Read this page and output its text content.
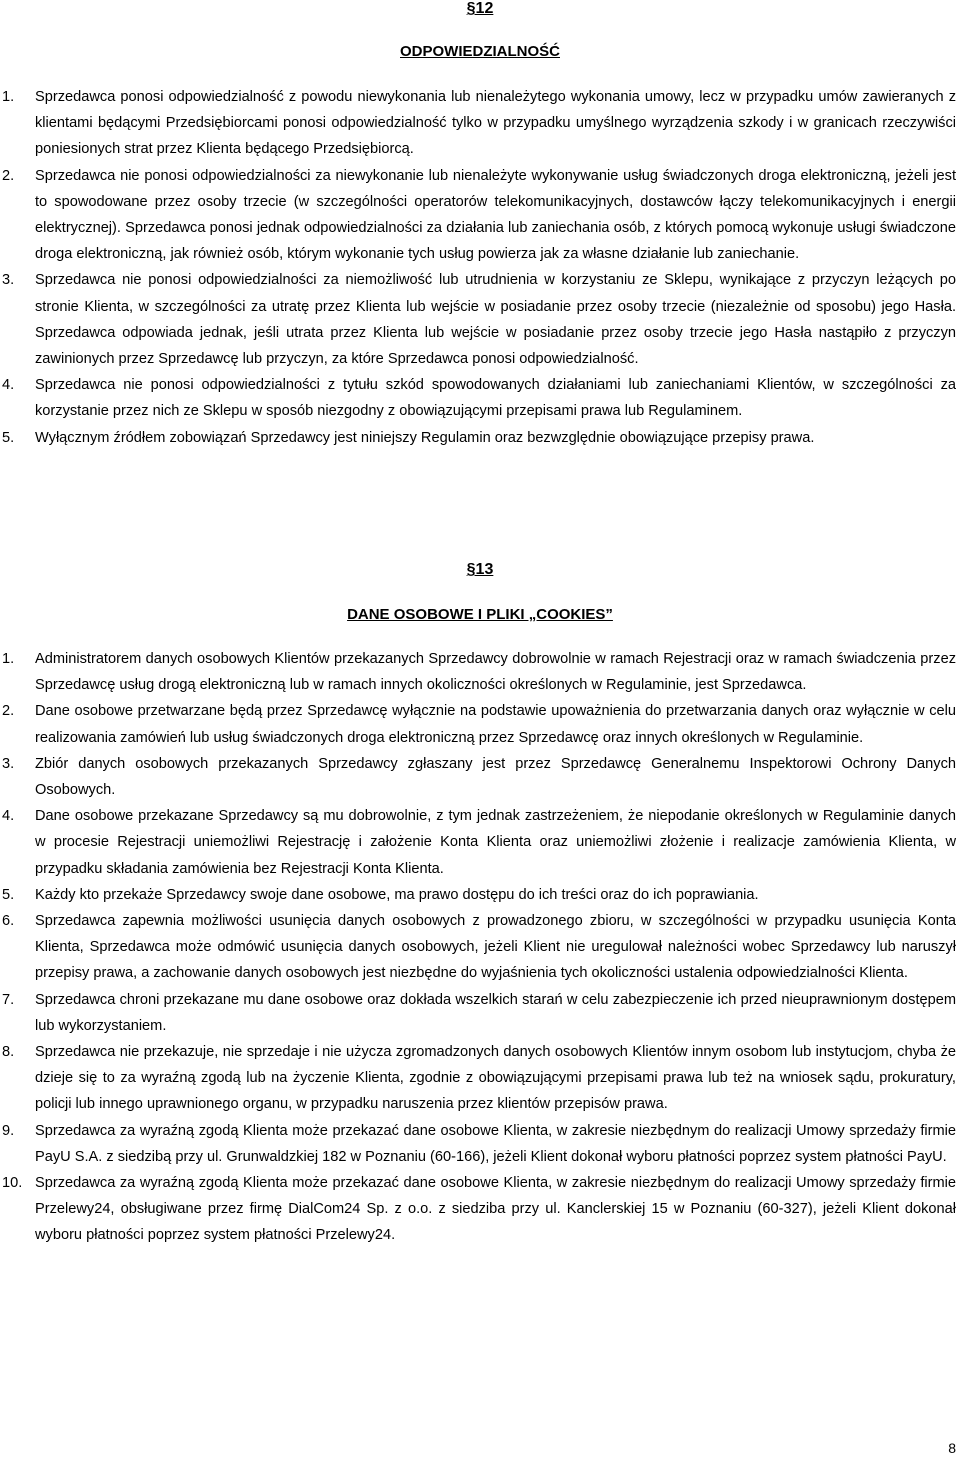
§12
ODPOWIEDZIALNOŚĆ
1. Sprzedawca ponosi odpowiedzialność z powodu niewykonania lub nienależytego wykonania umowy, lecz w przypadku umów zawieranych z klientami będącymi Przedsiębiorcami ponosi odpowiedzialność tylko w przypadku umyślnego wyrządzenia szkody i w granicach rzeczywiści poniesionych strat przez Klienta będącego Przedsiębiorcą.
2. Sprzedawca nie ponosi odpowiedzialności za niewykonanie lub nienależyte wykonywanie usług świadczonych droga elektroniczną, jeżeli jest to spowodowane przez osoby trzecie (w szczególności operatorów telekomunikacyjnych, dostawców łączy telekomunikacyjnych i energii elektrycznej). Sprzedawca ponosi jednak odpowiedzialności za działania lub zaniechania osób, z których pomocą wykonuje usługi świadczone droga elektroniczną, jak również osób, którym wykonanie tych usług powierza jak za własne działanie lub zaniechanie.
3. Sprzedawca nie ponosi odpowiedzialności za niemożliwość lub utrudnienia w korzystaniu ze Sklepu, wynikające z przyczyn leżących po stronie Klienta, w szczególności za utratę przez Klienta lub wejście w posiadanie przez osoby trzecie (niezależnie od sposobu) jego Hasła. Sprzedawca odpowiada jednak, jeśli utrata przez Klienta lub wejście w posiadanie przez osoby trzecie jego Hasła nastąpiło z przyczyn zawinionych przez Sprzedawcę lub przyczyn, za które Sprzedawca ponosi odpowiedzialność.
4. Sprzedawca nie ponosi odpowiedzialności z tytułu szkód spowodowanych działaniami lub zaniechaniami Klientów, w szczególności za korzystanie przez nich ze Sklepu w sposób niezgodny z obowiązującymi przepisami prawa lub Regulaminem.
5. Wyłącznym źródłem zobowiązań Sprzedawcy jest niniejszy Regulamin oraz bezwzględnie obowiązujące przepisy prawa.
§13
DANE OSOBOWE I PLIKI „COOKIES”
1. Administratorem danych osobowych Klientów przekazanych Sprzedawcy dobrowolnie w ramach Rejestracji oraz w ramach świadczenia przez Sprzedawcę usług drogą elektroniczną lub w ramach innych okoliczności określonych w Regulaminie, jest Sprzedawca.
2. Dane osobowe przetwarzane będą przez Sprzedawcę wyłącznie na podstawie upoważnienia do przetwarzania danych oraz wyłącznie w celu realizowania zamówień lub usług świadczonych droga elektroniczną przez Sprzedawcę oraz innych określonych w Regulaminie.
3. Zbiór danych osobowych przekazanych Sprzedawcy zgłaszany jest przez Sprzedawcę Generalnemu Inspektorowi Ochrony Danych Osobowych.
4. Dane osobowe przekazane Sprzedawcy są mu dobrowolnie, z tym jednak zastrzeżeniem, że niepodanie określonych w Regulaminie danych w procesie Rejestracji uniemożliwi Rejestrację i założenie Konta Klienta oraz uniemożliwi złożenie i realizacje zamówienia Klienta, w przypadku składania zamówienia bez Rejestracji Konta Klienta.
5. Każdy kto przekaże Sprzedawcy swoje dane osobowe, ma prawo dostępu do ich treści oraz do ich poprawiania.
6. Sprzedawca zapewnia możliwości usunięcia danych osobowych z prowadzonego zbioru, w szczególności w przypadku usunięcia Konta Klienta, Sprzedawca może odmówić usunięcia danych osobowych, jeżeli Klient nie uregulował należności wobec Sprzedawcy lub naruszył przepisy prawa, a zachowanie danych osobowych jest niezbędne do wyjaśnienia tych okoliczności ustalenia odpowiedzialności Klienta.
7. Sprzedawca chroni przekazane mu dane osobowe oraz dokłada wszelkich starań w celu zabezpieczenie ich przed nieuprawnionym dostępem lub wykorzystaniem.
8. Sprzedawca nie przekazuje, nie sprzedaje i nie użyczа zgromadzonych danych osobowych Klientów innym osobom lub instytucjom, chyba że dzieje się to za wyraźną zgodą lub na życzenie Klienta, zgodnie z obowiązującymi przepisami prawa lub też na wniosek sądu, prokuratury, policji lub innego uprawnionego organu, w przypadku naruszenia przez klientów przepisów prawa.
9. Sprzedawca za wyraźną zgodą Klienta może przekazać dane osobowe Klienta, w zakresie niezbędnym do realizacji Umowy sprzedaży firmie PayU S.A. z siedzibą przy ul. Grunwaldzkiej 182 w Poznaniu (60-166), jeżeli Klient dokonał wyboru płatności poprzez system płatności PayU.
10. Sprzedawca za wyraźną zgodą Klienta może przekazać dane osobowe Klienta, w zakresie niezbędnym do realizacji Umowy sprzedaży firmie Przelewy24, obsługiwane przez firmę DialCom24 Sp. z o.o. z siedziba przy ul. Kanclerskiej 15 w Poznaniu (60-327), jeżeli Klient dokonał wyboru płatności poprzez system płatności Przelewy24.
8
